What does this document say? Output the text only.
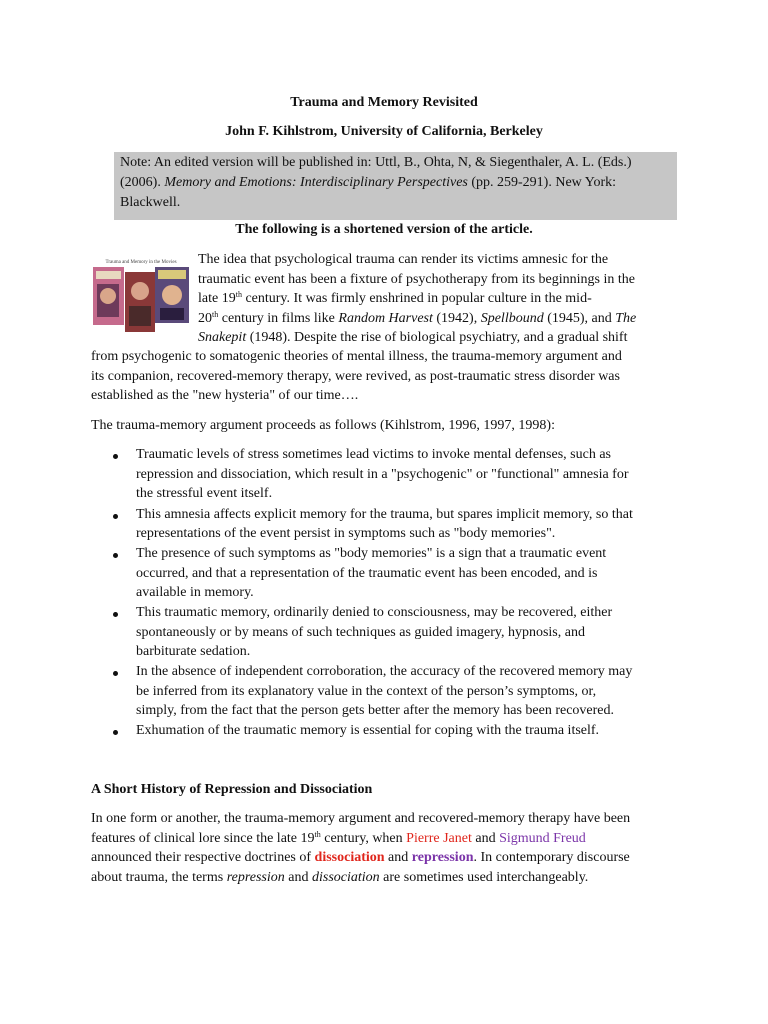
Trauma and Memory Revisited
John F. Kihlstrom, University of California, Berkeley
Note: An edited version will be published in: Uttl, B., Ohta, N, & Siegenthaler, A. L. (Eds.) (2006). Memory and Emotions: Interdisciplinary Perspectives (pp. 259-291). New York: Blackwell.
The following is a shortened version of the article.
Trauma and Memory in the Movies The idea that psychological trauma can render its victims amnesic for the
traumatic event has been a fixture of psychotherapy from its beginnings in the
late 19th century. It was firmly enshrined in popular culture in the mid-
20th century in films like Random Harvest (1942), Spellbound (1945), and The
Snakepit (1948). Despite the rise of biological psychiatry, and a gradual shift
from psychogenic to somatogenic theories of mental illness, the trauma-memory argument and
its companion, recovered-memory therapy, were revived, as post-traumatic stress disorder was
established as the "new hysteria" of our time….
The trauma-memory argument proceeds as follows (Kihlstrom, 1996, 1997, 1998):
Traumatic levels of stress sometimes lead victims to invoke mental defenses, such as
repression and dissociation, which result in a "psychogenic" or "functional" amnesia for
the stressful event itself.
This amnesia affects explicit memory for the trauma, but spares implicit memory, so that
representations of the event persist in symptoms such as "body memories".
The presence of such symptoms as "body memories" is a sign that a traumatic event
occurred, and that a representation of the traumatic event has been encoded, and is
available in memory.
This traumatic memory, ordinarily denied to consciousness, may be recovered, either
spontaneously or by means of such techniques as guided imagery, hypnosis, and
barbiturate sedation.
In the absence of independent corroboration, the accuracy of the recovered memory may
be inferred from its explanatory value in the context of the person’s symptoms, or,
simply, from the fact that the person gets better after the memory has been recovered.
Exhumation of the traumatic memory is essential for coping with the trauma itself.
A Short History of Repression and Dissociation
In one form or another, the trauma-memory argument and recovered-memory therapy have been
features of clinical lore since the late 19th century, when Pierre Janet and Sigmund Freud
announced their respective doctrines of dissociation and repression. In contemporary discourse
about trauma, the terms repression and dissociation are sometimes used interchangeably.
